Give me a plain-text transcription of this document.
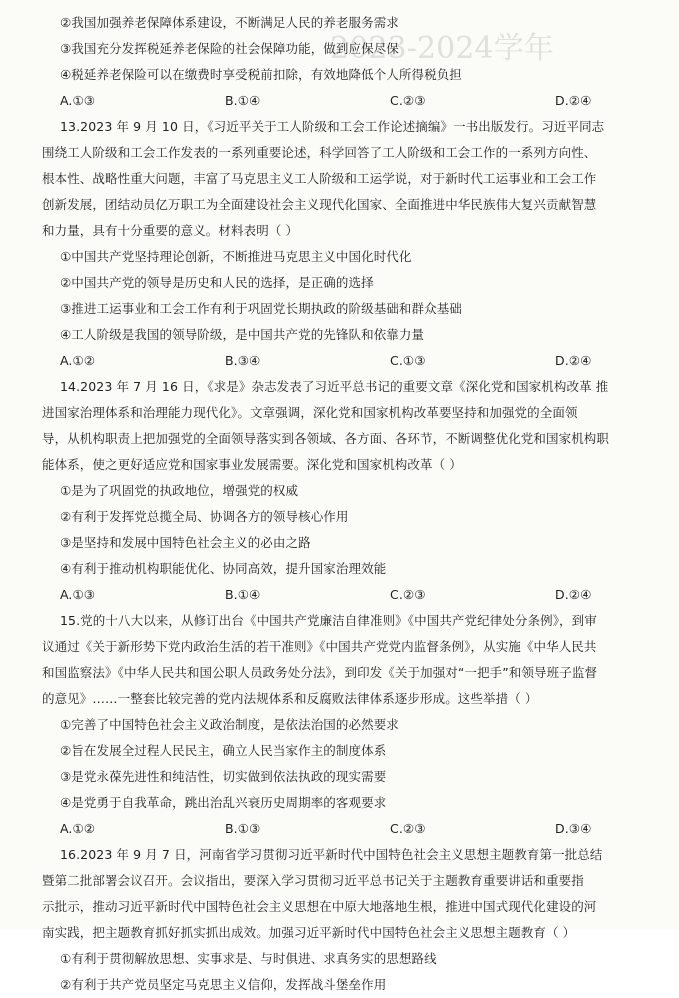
2023-2024学年
②我国加强养老保障体系建设，不断满足人民的养老服务需求
③我国充分发挥税延养老保险的社会保障功能，做到应保尽保
④税延养老保险可以在缴费时享受税前扣除，有效地降低个人所得税负担
A.①③	B.①④	C.②③	D.②④
13.2023 年 9 月 10 日，《习近平关于工人阶级和工会工作论述摘编》一书出版发行。习近平同志
围绕工人阶级和工会工作发表的一系列重要论述，科学回答了工人阶级和工会工作的一系列方向性、
根本性、战略性重大问题，丰富了马克思主义工人阶级和工运学说，对于新时代工运事业和工会工作
创新发展，团结动员亿万职工为全面建设社会主义现代化国家、全面推进中华民族伟大复兴贡献智慧
和力量，具有十分重要的意义。材料表明（ ）
①中国共产党坚持理论创新，不断推进马克思主义中国化时代化
②中国共产党的领导是历史和人民的选择，是正确的选择
③推进工运事业和工会工作有利于巩固党长期执政的阶级基础和群众基础
④工人阶级是我国的领导阶级，是中国共产党的先锋队和依靠力量
A.①②	B.③④	C.①③	D.②④
14.2023 年 7 月 16 日，《求是》杂志发表了习近平总书记的重要文章《深化党和国家机构改革 推
进国家治理体系和治理能力现代化》。文章强调，深化党和国家机构改革要坚持和加强党的全面领
导，从机构职责上把加强党的全面领导落实到各领域、各方面、各环节，不断调整优化党和国家机构职
能体系，使之更好适应党和国家事业发展需要。深化党和国家机构改革（ ）
①是为了巩固党的执政地位，增强党的权威
②有利于发挥党总揽全局、协调各方的领导核心作用
③是坚持和发展中国特色社会主义的必由之路
④有利于推动机构职能优化、协同高效，提升国家治理效能
A.①③	B.①④	C.②③	D.②④
15.党的十八大以来，从修订出台《中国共产党廉洁自律准则》《中国共产党纪律处分条例》，到审
议通过《关于新形势下党内政治生活的若干准则》《中国共产党党内监督条例》，从实施《中华人民共
和国监察法》《中华人民共和国公职人员政务处分法》，到印发《关于加强对“一把手”和领导班子监督
的意见》……一整套比较完善的党内法规体系和反腐败法律体系逐步形成。这些举措（ ）
①完善了中国特色社会主义政治制度，是依法治国的必然要求
②旨在发展全过程人民民主，确立人民当家作主的制度体系
③是党永葆先进性和纯洁性，切实做到依法执政的现实需要
④是党勇于自我革命，跳出治乱兴衰历史周期率的客观要求
A.①②	B.①③	C.②③	D.③④
16.2023 年 9 月 7 日，河南省学习贯彻习近平新时代中国特色社会主义思想主题教育第一批总结
暨第二批部署会议召开。会议指出，要深入学习贯彻习近平总书记关于主题教育重要讲话和重要指
示批示，推动习近平新时代中国特色社会主义思想在中原大地落地生根，推进中国式现代化建设的河
南实践，把主题教育抓好抓实抓出成效。加强习近平新时代中国特色社会主义思想主题教育（ ）
①有利于贯彻解放思想、实事求是、与时俱进、求真务实的思想路线
②有利于共产党员坚定马克思主义信仰，发挥战斗堡垒作用
